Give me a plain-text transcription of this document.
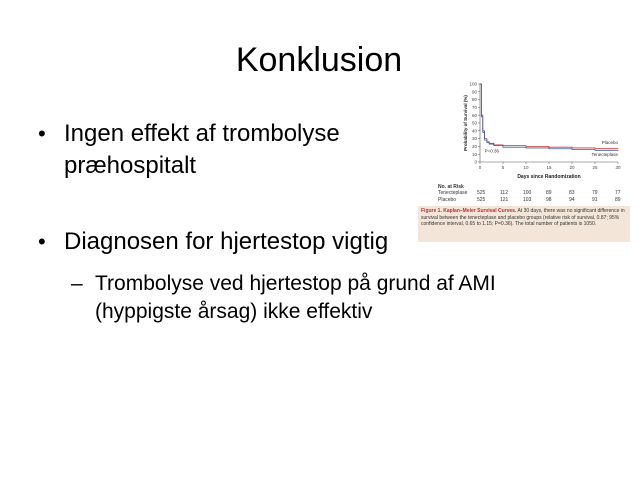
Konklusion
• Ingen effekt af trombolyse præhospitalt
• Diagnosen for hjertestop vigtig
– Trombolyse ved hjertestop på grund af AMI (hyppigste årsag) ikke effektiv
0
10
20
30
40
50
60
70
80
90
100
0	5	10	15	20	25	30
Days since Randomization
Probability of Survival (%)	Placebo
Tenecteplase
P=0.36
No. at Risk
Tenecteplase 525	112	100	89	83	79	77
Placebo	525	121	103	98	94	91	89
Figure 1. Kaplan–Meier Survival Curves. At 30 days, there was no significant difference in survival between the tenecteplase and placebo groups (relative risk of survival, 0.87; 95% confidence interval, 0.65 to 1.15; P=0.36). The total number of patients is 1050.
